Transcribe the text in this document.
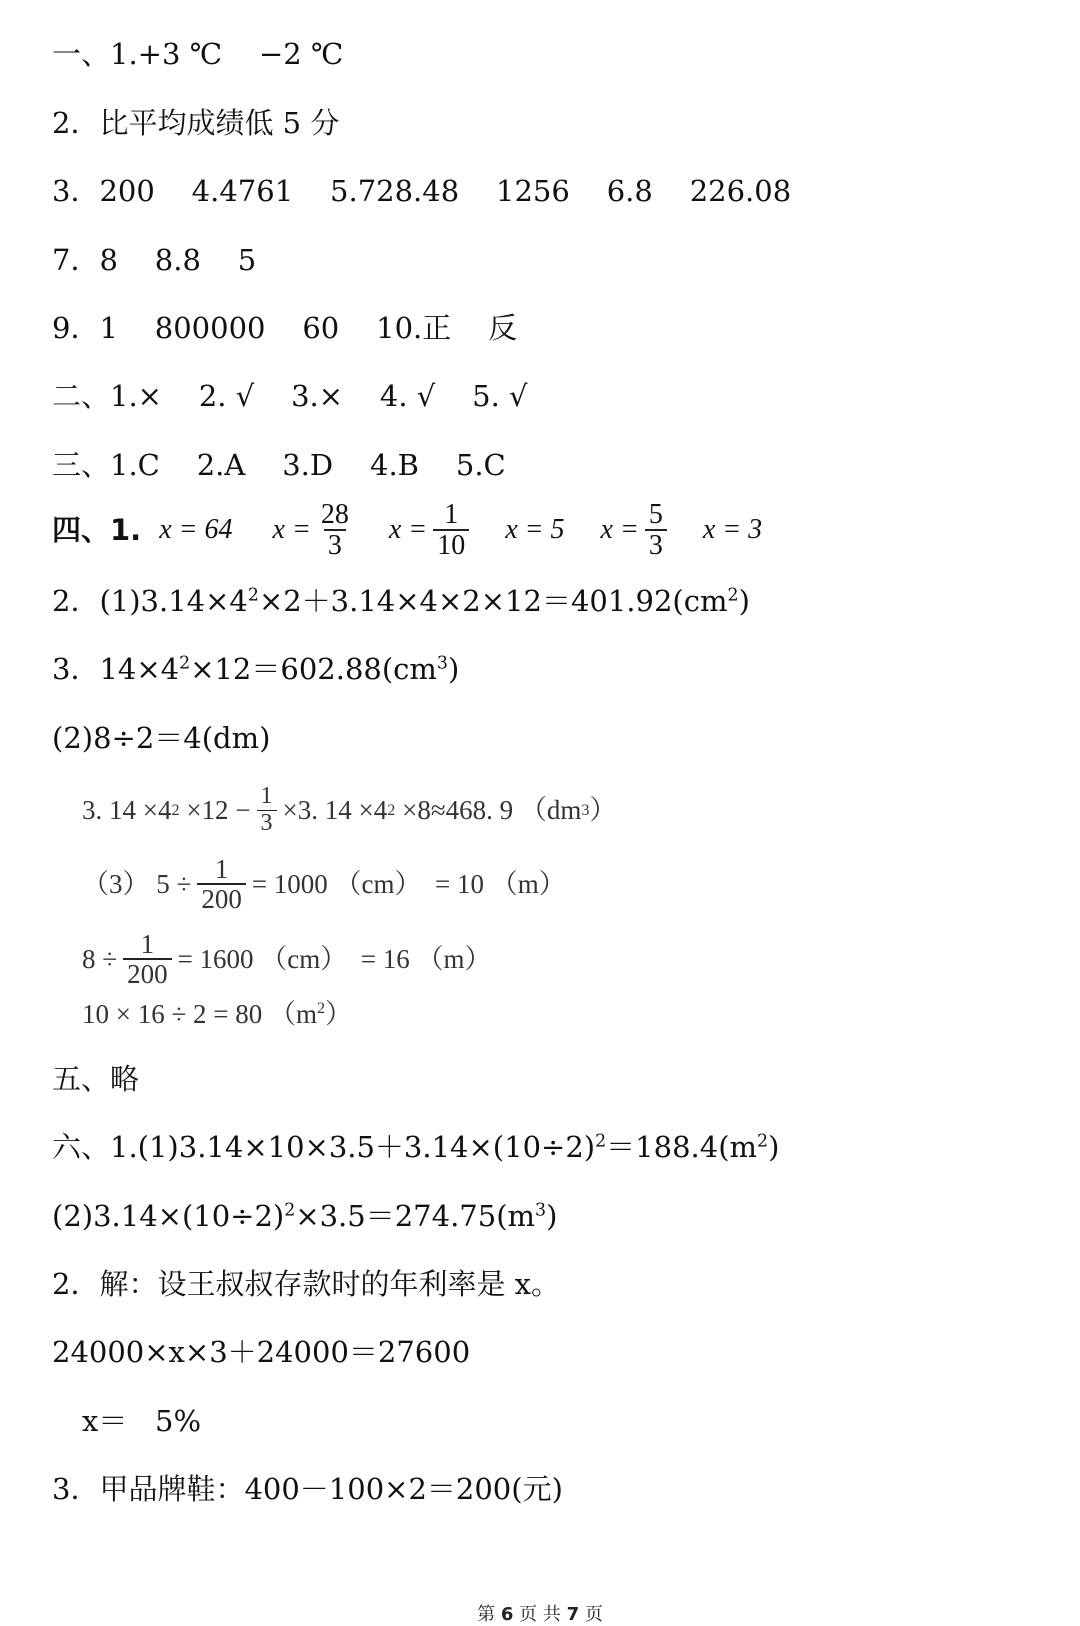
一、1.+3 ℃    −2 ℃
2．比平均成绩低 5 分
3．200    4.4761    5.728.48    1256    6.8    226.08
7．8    8.8    5
9．1    800000    60    10.正    反
二、1.×    2. √    3.×    4. √    5. √
三、1.C    2.A    3.D    4.B    5.C
四、1. x = 64 $x = \frac{28}{3}$ $x = \frac{1}{10}$ x = 5 $x = \frac{5}{3}$ x = 3
2．$(1)3.14\times 4^2\times 2+3.14\times 4\times 2\times 12=401.92(cm^2)$
3．$14\times 4^2\times 12=602.88(cm^3)$
(2)8÷2＝4(dm)
3. 14 ×4 $2 \times 12 - \frac{1}{3} \times 3$. 14 ×4 2 ×8≈468. 9 （dm 3 ）
（3） $5 \div \frac{1}{200} = 1000$ （cm）  = 10 （m）
$8 \div \frac{1}{200} = 1600$ （cm）  = 16 （m）
10 × 16 ÷ 2 = 80 $(m^2)$
五、略
六、$1.(1)3.14\times 10\times 3.5+3.14\times(10\div 2)^2=188.4(m^2)$
$(2)3.14\times(10\div 2)^2\times 3.5=274.75(m^3)$
2．解：设王叔叔存款时的年利率是 x。
24000×x×3＋24000＝27600
x＝   5%
3．甲品牌鞋：400－100×2＝200(元)
第 6 页 共 7 页
